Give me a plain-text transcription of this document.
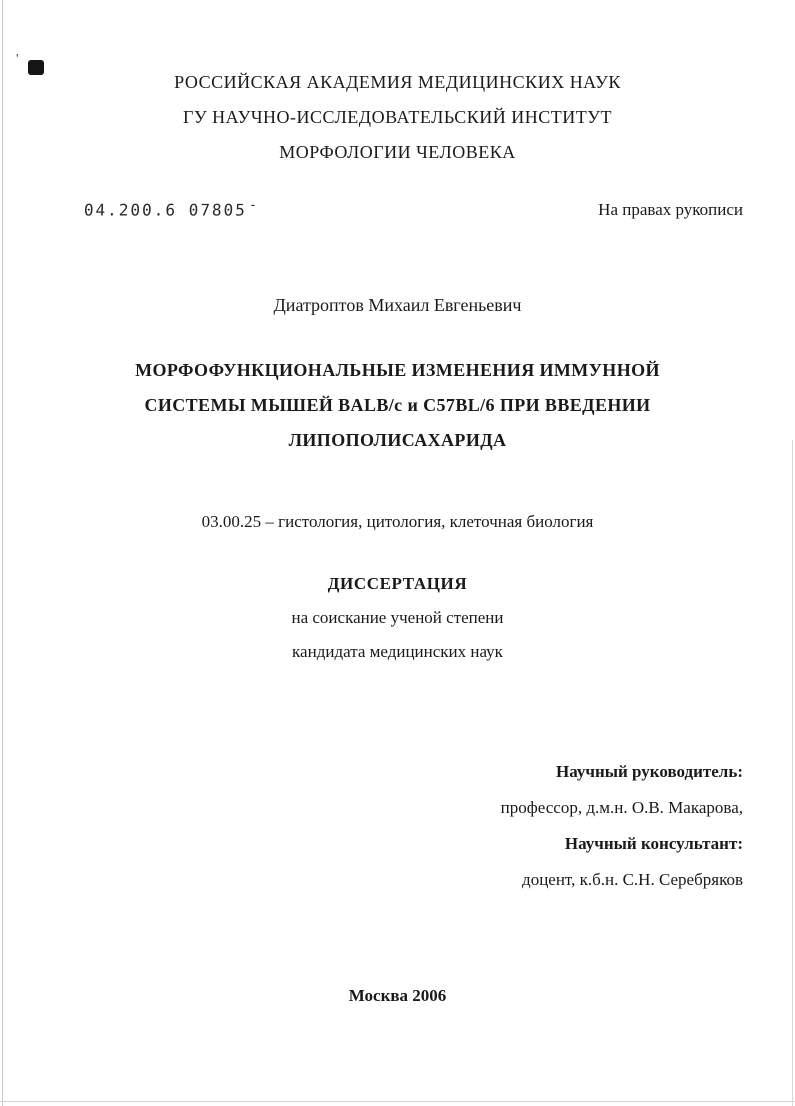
'
РОССИЙСКАЯ АКАДЕМИЯ МЕДИЦИНСКИХ НАУК
ГУ НАУЧНО-ИССЛЕДОВАТЕЛЬСКИЙ ИНСТИТУТ
МОРФОЛОГИИ ЧЕЛОВЕКА
04.200.6 07805 -	На правах рукописи
Диатроптов Михаил Евгеньевич
МОРФОФУНКЦИОНАЛЬНЫЕ ИЗМЕНЕНИЯ ИММУННОЙ
СИСТЕМЫ МЫШЕЙ BALB/c и C57BL/6 ПРИ ВВЕДЕНИИ
ЛИПОПОЛИСАХАРИДА
03.00.25 – гистология, цитология, клеточная биология
ДИССЕРТАЦИЯ
на соискание ученой степени
кандидата медицинских наук
Научный руководитель:
профессор, д.м.н. О.В. Макарова,
Научный консультант:
доцент, к.б.н. С.Н. Серебряков
Москва 2006
